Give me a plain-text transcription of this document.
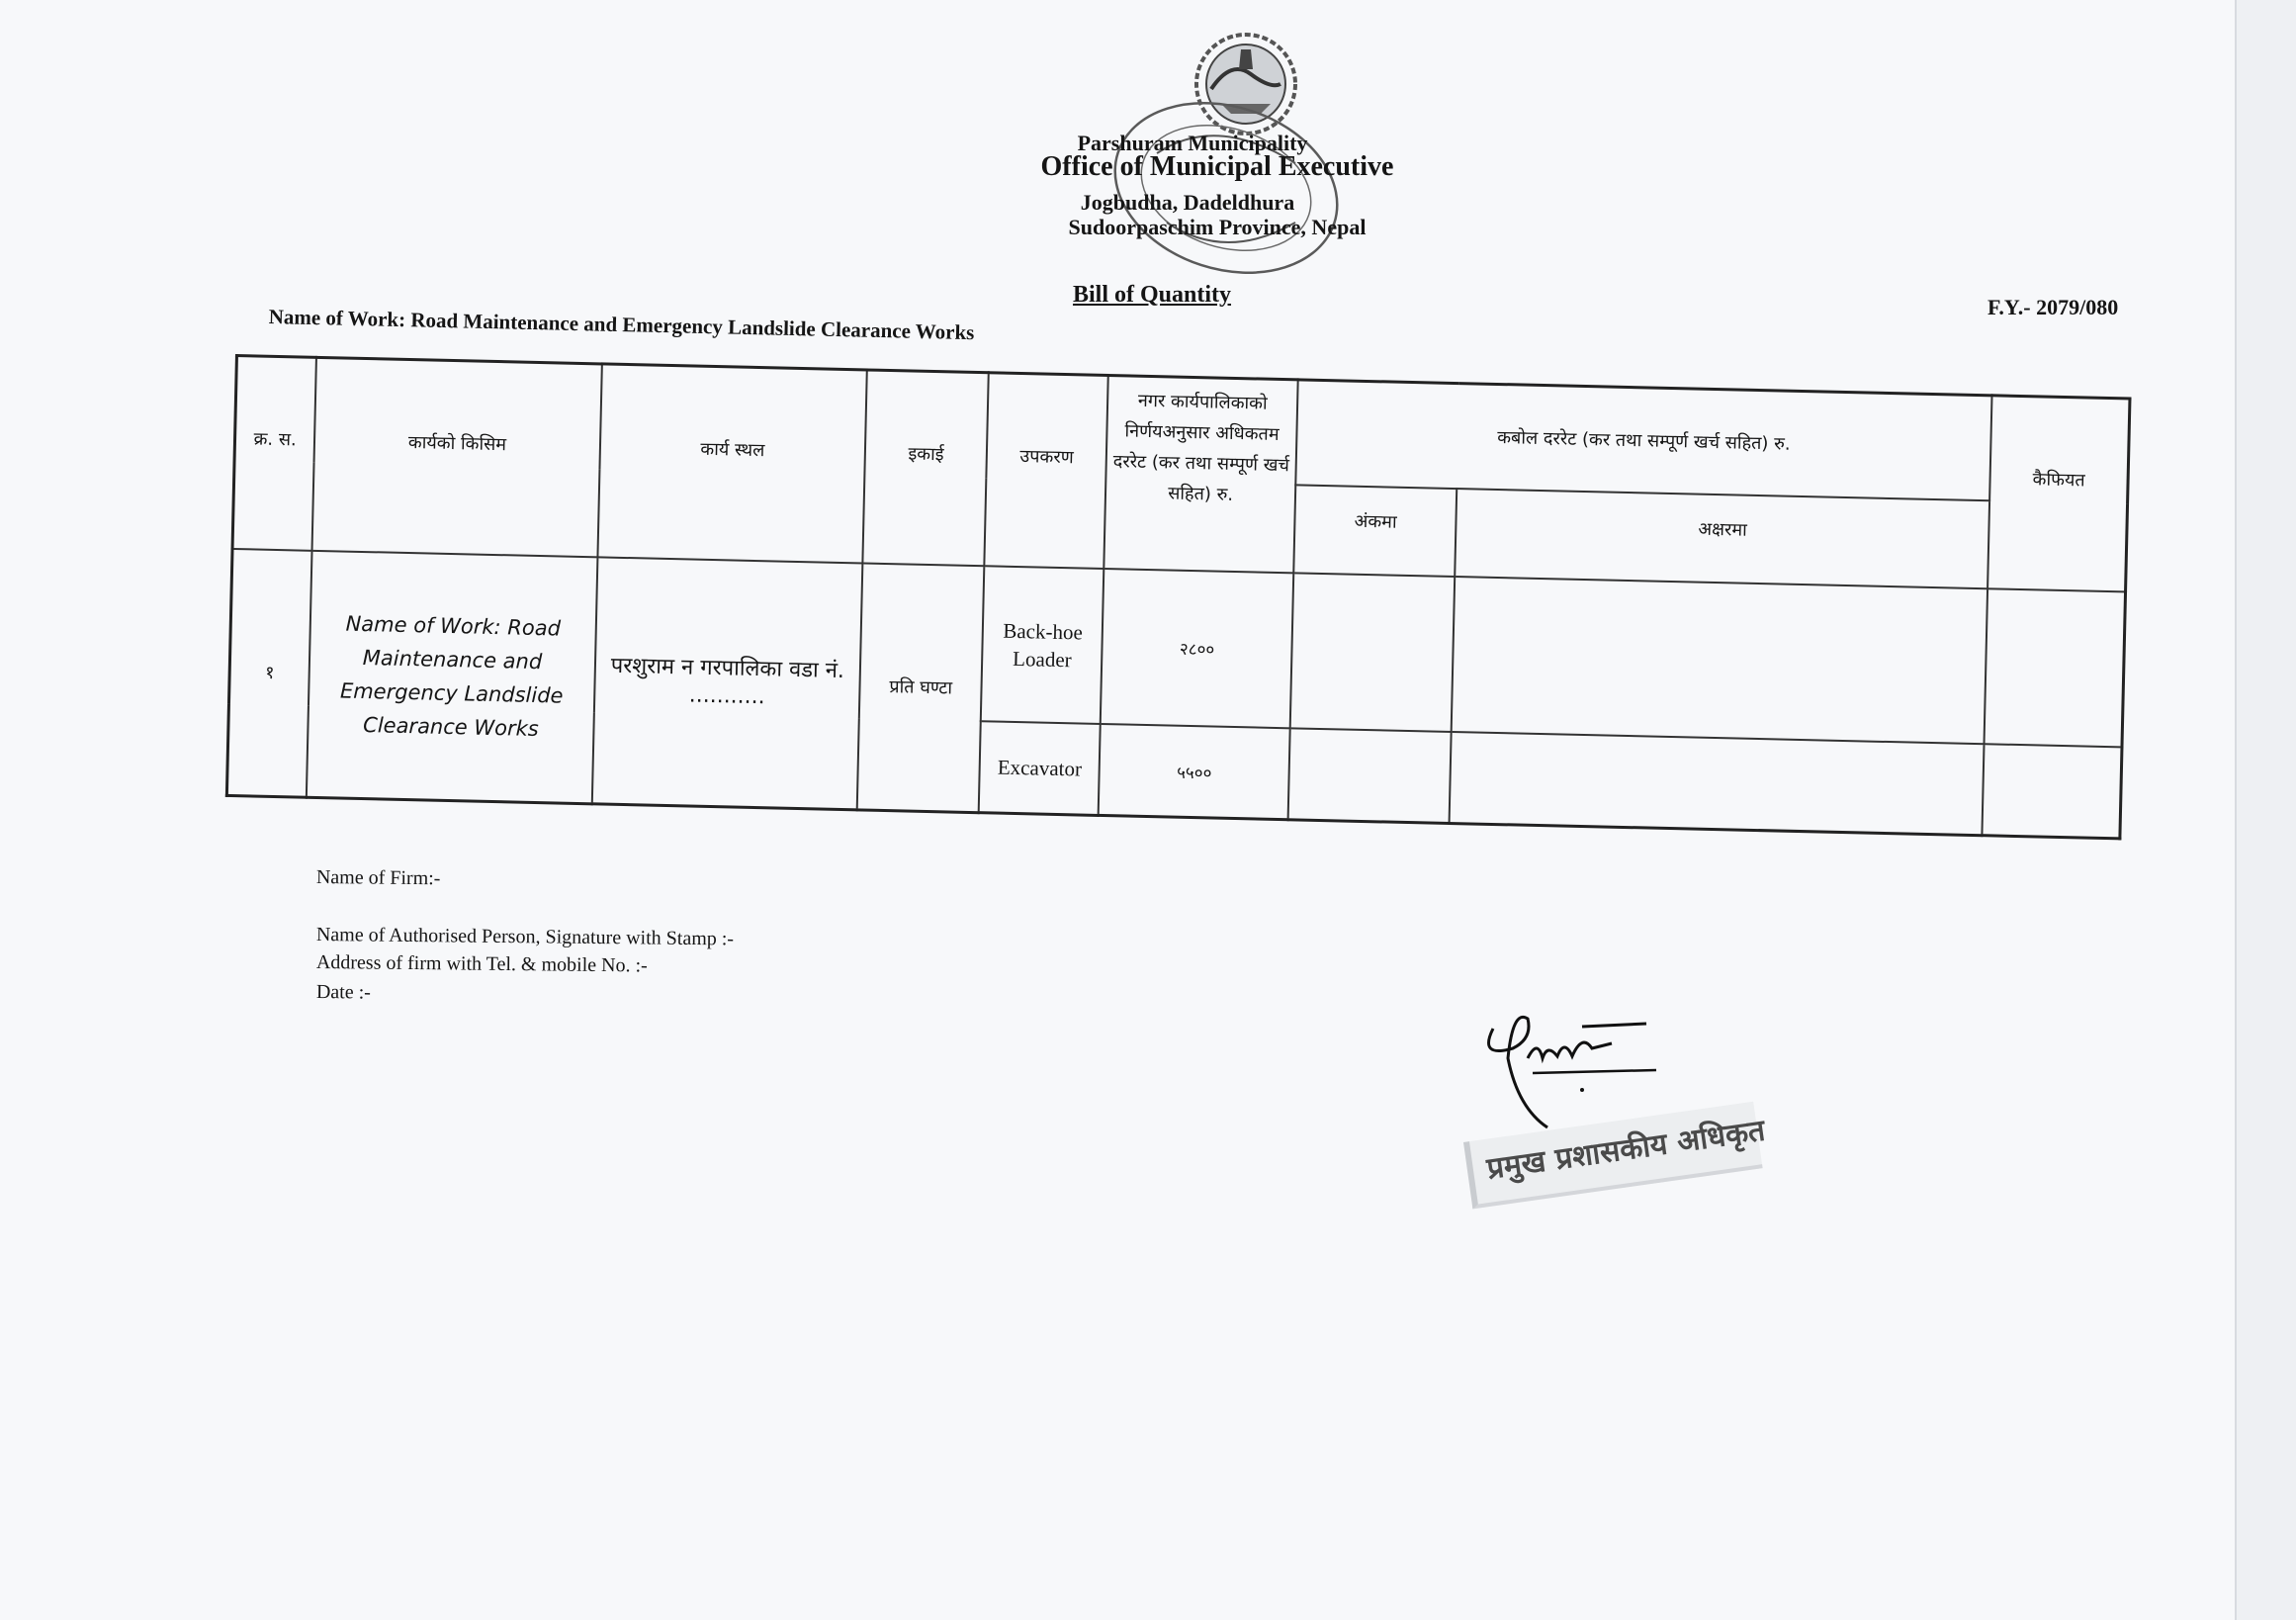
Parshuram Municipality
Office of Municipal Executive
Jogbudha, Dadeldhura
Sudoorpaschim Province, Nepal
Bill of Quantity	F.Y.- 2079/080
Name of Work: Road Maintenance and Emergency Landslide Clearance Works
क्र. स.	कार्यको किसिम	कार्य स्थल	इकाई	उपकरण	नगर कार्यपालिकाको निर्णयअनुसार अधिकतम दररेट (कर तथा सम्पूर्ण खर्च सहित) रु.	कबोल दररेट (कर तथा सम्पूर्ण खर्च सहित) रु.		कैफियत
						अंकमा	अक्षरमा	
१	Name of Work: Road Maintenance and Emergency Landslide Clearance Works	परशुराम न गरपालिका वडा नं. ...........	प्रति घण्टा	Back-hoe Loader	२८००			
				Excavator	५५००			
Name of Firm:-
Name of Authorised Person, Signature with Stamp :-
Address of firm with Tel. & mobile No. :-
Date :-
प्रमुख प्रशासकीय अधिकृत
